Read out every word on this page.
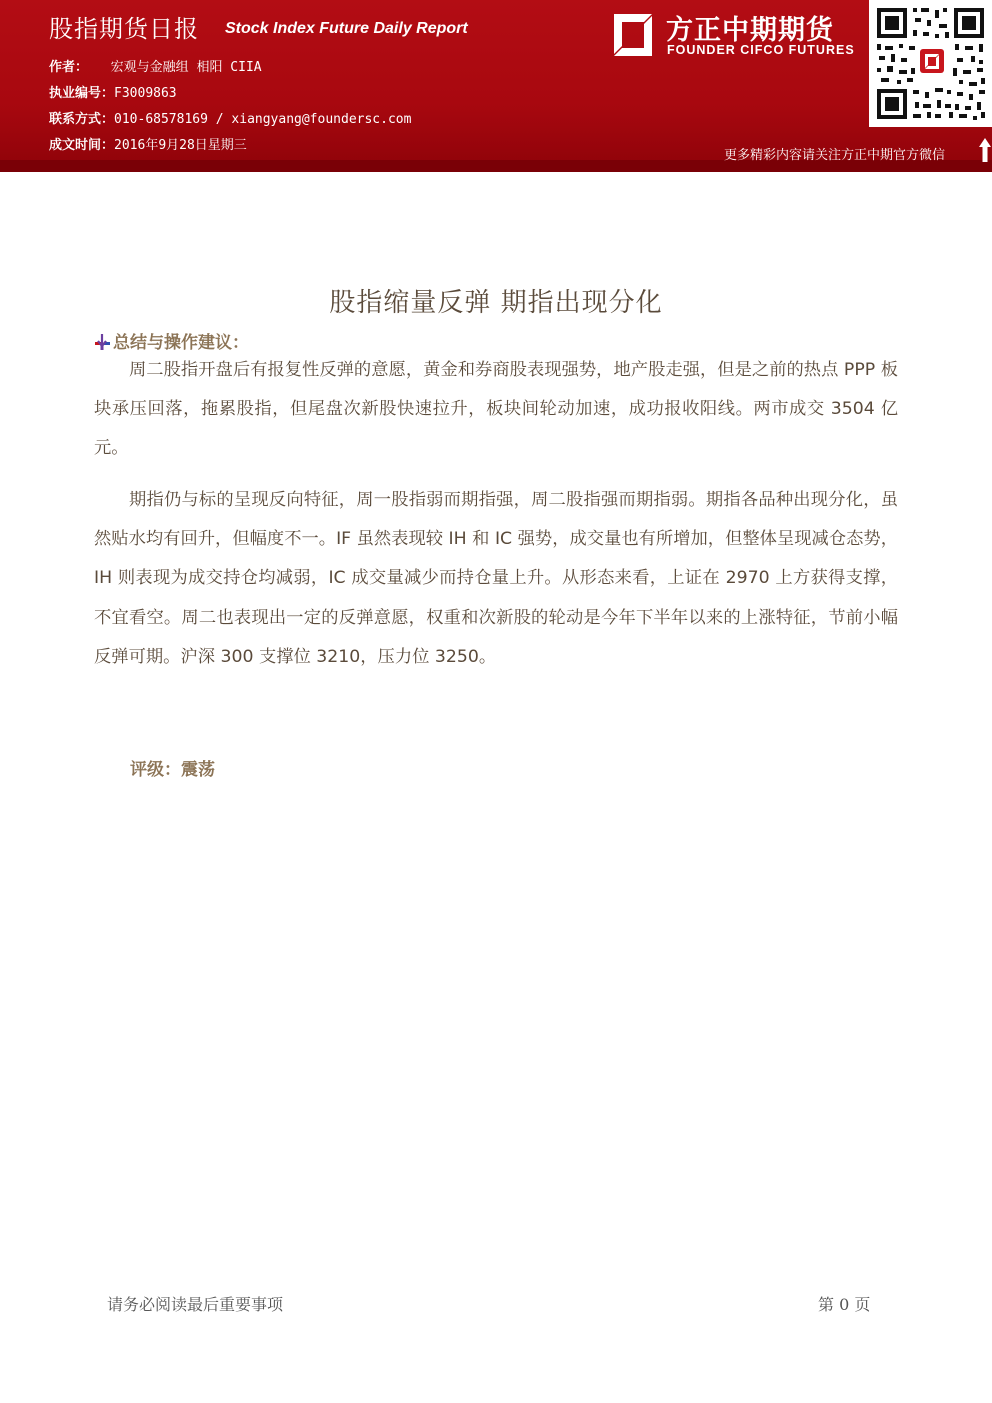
股指期货日报 Stock Index Future Daily Report
作者： 宏观与金融组 相阳 CIIA
执业编号：F3009863
联系方式：010-68578169 / xiangyang@foundersc.com
成文时间：2016年9月28日星期三
方正中期期货
FOUNDER CIFCO FUTURES
更多精彩内容请关注方正中期官方微信
股指缩量反弹 期指出现分化
总结与操作建议：

周二股指开盘后有报复性反弹的意愿，黄金和券商股表现强势，地产股走强，但是之前的热点 PPP 板块承压回落，拖累股指，但尾盘次新股快速拉升，板块间轮动加速，成功报收阳线。两市成交 3504 亿元。

期指仍与标的呈现反向特征，周一股指弱而期指强，周二股指强而期指弱。期指各品种出现分化，虽然贴水均有回升，但幅度不一。IF 虽然表现较 IH 和 IC 强势，成交量也有所增加，但整体呈现减仓态势，IH 则表现为成交持仓均减弱，IC 成交量减少而持仓量上升。从形态来看，上证在 2970 上方获得支撑，不宜看空。周二也表现出一定的反弹意愿，权重和次新股的轮动是今年下半年以来的上涨特征，节前小幅反弹可期。沪深 300 支撑位 3210，压力位 3250。

评级：震荡
请务必阅读最后重要事项	第 0 页
